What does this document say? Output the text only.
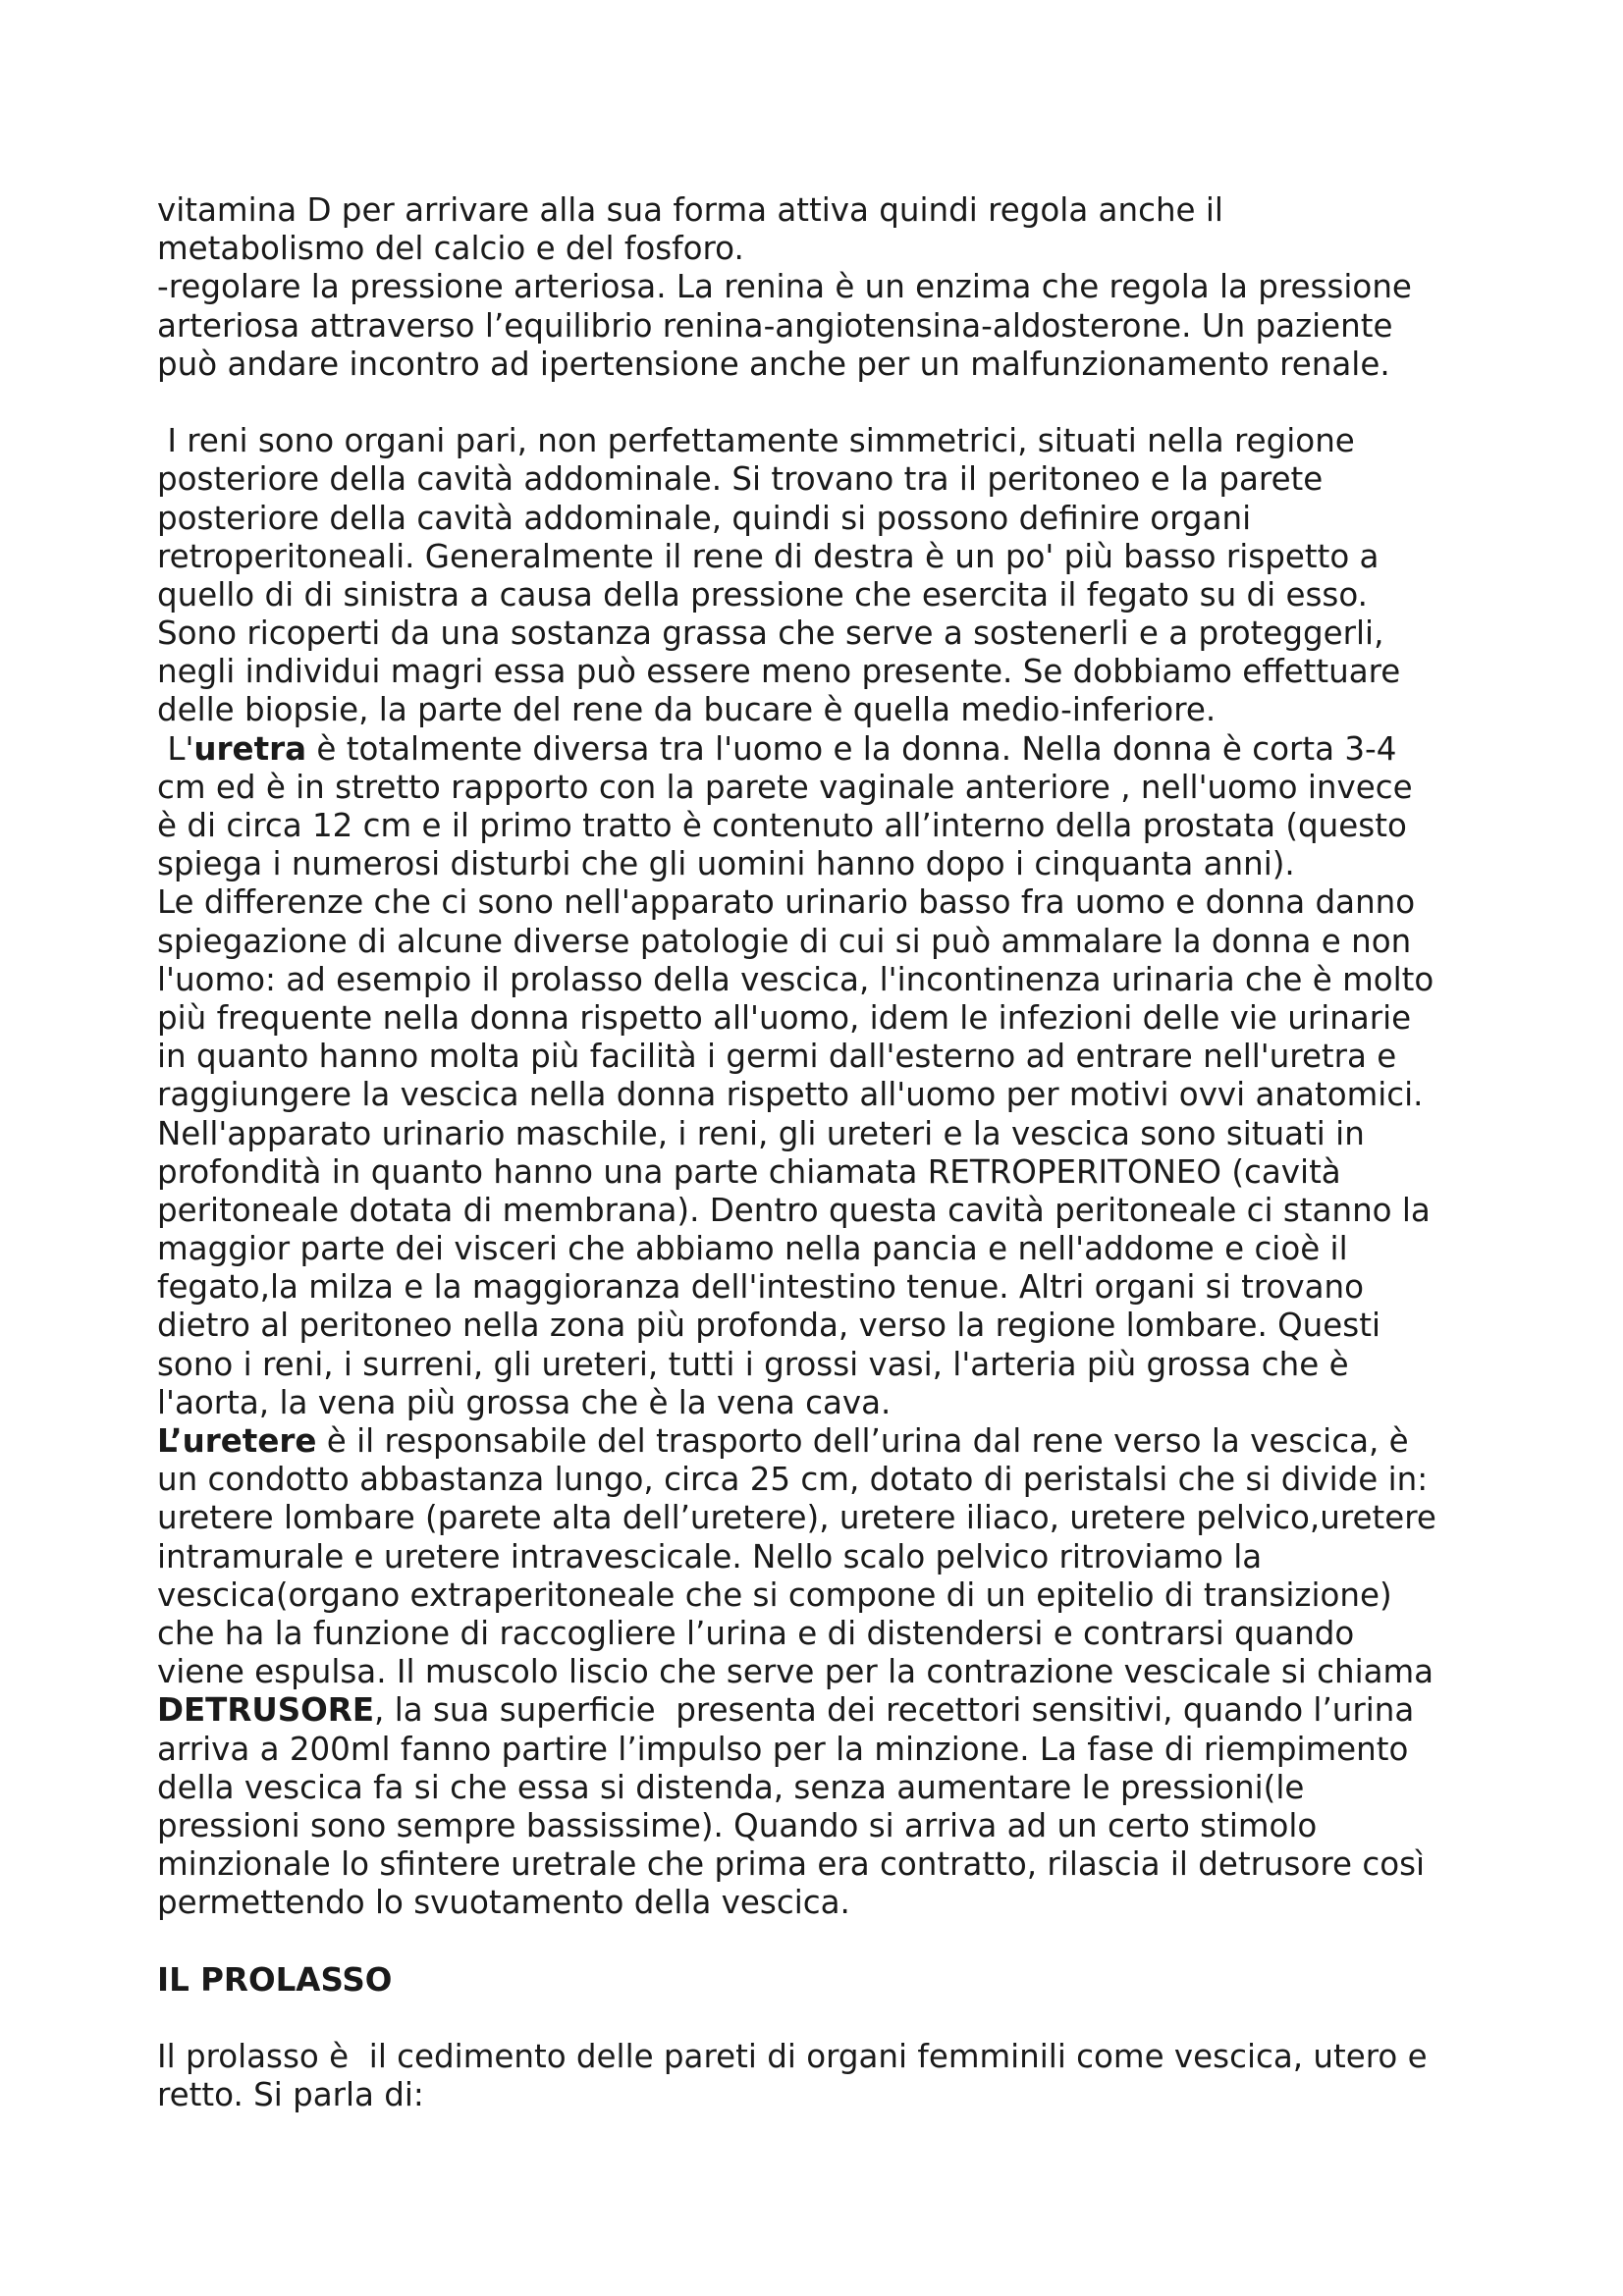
vitamina D per arrivare alla sua forma attiva quindi regola anche il
metabolismo del calcio e del fosforo.
-regolare la pressione arteriosa. La renina è un enzima che regola la pressione
arteriosa attraverso l’equilibrio renina-angiotensina-aldosterone. Un paziente
può andare incontro ad ipertensione anche per un malfunzionamento renale.
I reni sono organi pari, non perfettamente simmetrici, situati nella regione
posteriore della cavità addominale. Si trovano tra il peritoneo e la parete
posteriore della cavità addominale, quindi si possono definire organi
retroperitoneali. Generalmente il rene di destra è un po' più basso rispetto a
quello di di sinistra a causa della pressione che esercita il fegato su di esso.
Sono ricoperti da una sostanza grassa che serve a sostenerli e a proteggerli,
negli individui magri essa può essere meno presente. Se dobbiamo effettuare
delle biopsie, la parte del rene da bucare è quella medio-inferiore.
L'uretra è totalmente diversa tra l'uomo e la donna. Nella donna è corta 3-4
cm ed è in stretto rapporto con la parete vaginale anteriore , nell'uomo invece
è di circa 12 cm e il primo tratto è contenuto all’interno della prostata (questo
spiega i numerosi disturbi che gli uomini hanno dopo i cinquanta anni).
Le differenze che ci sono nell'apparato urinario basso fra uomo e donna danno
spiegazione di alcune diverse patologie di cui si può ammalare la donna e non
l'uomo: ad esempio il prolasso della vescica, l'incontinenza urinaria che è molto
più frequente nella donna rispetto all'uomo, idem le infezioni delle vie urinarie
in quanto hanno molta più facilità i germi dall'esterno ad entrare nell'uretra e
raggiungere la vescica nella donna rispetto all'uomo per motivi ovvi anatomici.
Nell'apparato urinario maschile, i reni, gli ureteri e la vescica sono situati in
profondità in quanto hanno una parte chiamata RETROPERITONEO (cavità
peritoneale dotata di membrana). Dentro questa cavità peritoneale ci stanno la
maggior parte dei visceri che abbiamo nella pancia e nell'addome e cioè il
fegato,la milza e la maggioranza dell'intestino tenue. Altri organi si trovano
dietro al peritoneo nella zona più profonda, verso la regione lombare. Questi
sono i reni, i surreni, gli ureteri, tutti i grossi vasi, l'arteria più grossa che è
l'aorta, la vena più grossa che è la vena cava.
L’uretere è il responsabile del trasporto dell’urina dal rene verso la vescica, è
un condotto abbastanza lungo, circa 25 cm, dotato di peristalsi che si divide in:
uretere lombare (parete alta dell’uretere), uretere iliaco, uretere pelvico,uretere
intramurale e uretere intravescicale. Nello scalo pelvico ritroviamo la
vescica(organo extraperitoneale che si compone di un epitelio di transizione)
che ha la funzione di raccogliere l’urina e di distendersi e contrarsi quando
viene espulsa. Il muscolo liscio che serve per la contrazione vescicale si chiama
DETRUSORE, la sua superficie  presenta dei recettori sensitivi, quando l’urina
arriva a 200ml fanno partire l’impulso per la minzione. La fase di riempimento
della vescica fa si che essa si distenda, senza aumentare le pressioni(le
pressioni sono sempre bassissime). Quando si arriva ad un certo stimolo
minzionale lo sfintere uretrale che prima era contratto, rilascia il detrusore così
permettendo lo svuotamento della vescica.
IL PROLASSO
Il prolasso è  il cedimento delle pareti di organi femminili come vescica, utero e
retto. Si parla di:
